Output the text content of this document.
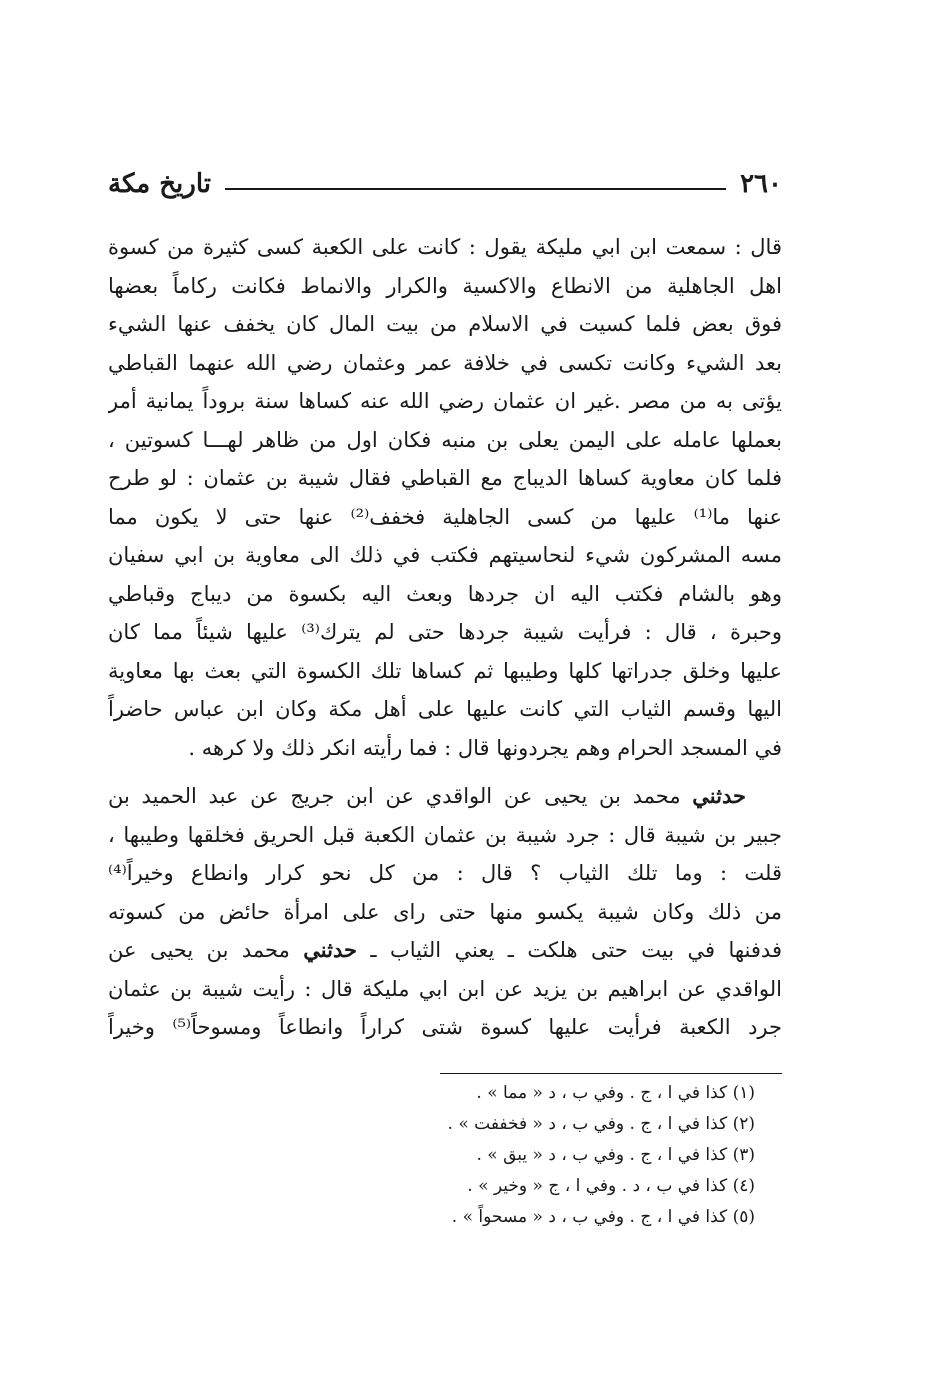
٢٦٠
تاريخ مكة
قال : سمعت ابن ابي مليكة يقول : كانت على الكعبة كسى كثيرة من كسوة
اهل الجاهلية من الانطاع والاكسية والكرار والانماط فكانت ركاماً بعضها
فوق بعض فلما كسيت في الاسلام من بيت المال كان يخفف عنها الشيء
بعد الشيء وكانت تكسى في خلافة عمر وعثمان رضي الله عنهما القباطي
يؤتى به من مصر .غير ان عثمان رضي الله عنه كساها سنة بروداً يمانية أمر
بعملها عامله على اليمن يعلى بن منبه فكان اول من ظاهر لهـــا كسوتين ،
فلما كان معاوية كساها الديباج مع القباطي فقال شيبة بن عثمان : لو طرح
عنها ما⁽¹⁾ عليها من كسى الجاهلية فخفف⁽²⁾ عنها حتى لا يكون مما
مسه المشركون شيء لنحاسيتهم فكتب في ذلك الى معاوية بن ابي سفيان
وهو بالشام فكتب اليه ان جردها وبعث اليه بكسوة من ديباج وقباطي
وحبرة ، قال : فرأيت شيبة جردها حتى لم يترك⁽³⁾ عليها شيئاً مما كان
عليها وخلق جدراتها كلها وطيبها ثم كساها تلك الكسوة التي بعث بها معاوية
اليها وقسم الثياب التي كانت عليها على أهل مكة وكان ابن عباس حاضراً
في المسجد الحرام وهم يجردونها قال : فما رأيته انكر ذلك ولا كرهه .
حدثني محمد بن يحيى عن الواقدي عن ابن جريج عن عبد الحميد بن
جبير بن شيبة قال : جرد شيبة بن عثمان الكعبة قبل الحريق فخلقها وطيبها ،
قلت : وما تلك الثياب ؟ قال : من كل نحو كرار وانطاع وخيراً⁽⁴⁾
من ذلك وكان شيبة يكسو منها حتى رای على امرأة حائض من كسوته
فدفنها في بيت حتى هلكت ـ يعني الثياب ـ حدثني محمد بن يحيى عن
الواقدي عن ابراهيم بن يزيد عن ابن ابي مليكة قال : رأيت شيبة بن عثمان
جرد الكعبة فرأيت عليها كسوة شتى كراراً وانطاعاً ومسوحاً⁽⁵⁾ وخيراً
(١) كذا في ا ، ج . وفي ب ، د « مما » .
(٢) كذا في ا ، ج . وفي ب ، د « فخففت » .
(٣) كذا في ا ، ج . وفي ب ، د « يبق » .
(٤) كذا في ب ، د . وفي ا ، ج « وخير » .
(٥) كذا في ا ، ج . وفي ب ، د « مسحواً » .
